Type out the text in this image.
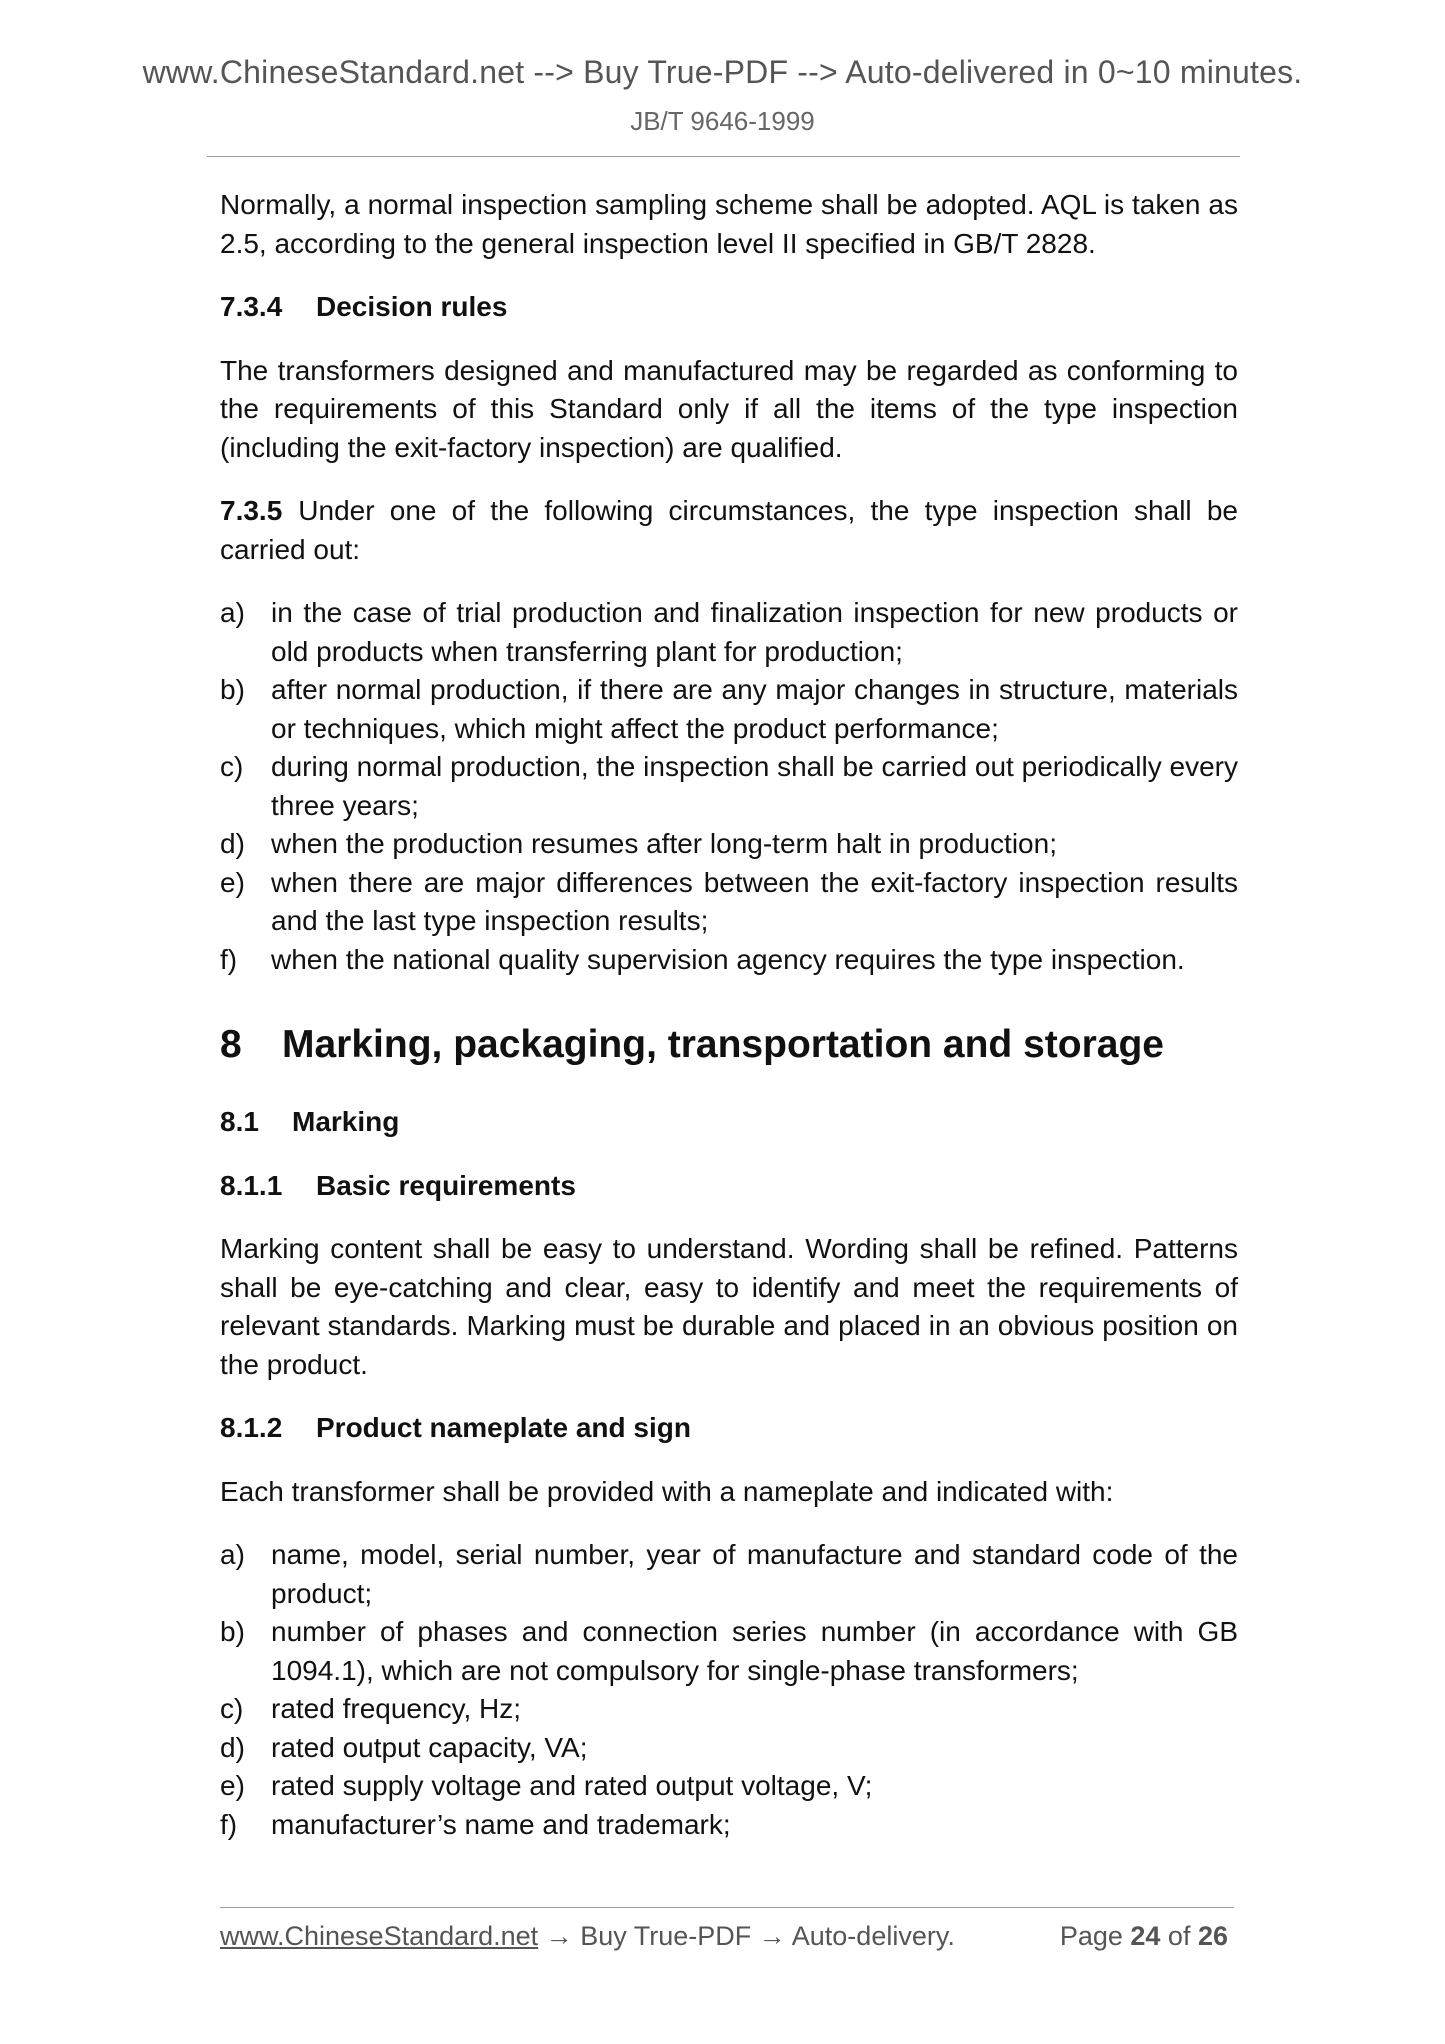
www.ChineseStandard.net --> Buy True-PDF --> Auto-delivered in 0~10 minutes.
JB/T 9646-1999

Normally, a normal inspection sampling scheme shall be adopted. AQL is taken as 2.5, according to the general inspection level II specified in GB/T 2828.

7.3.4 Decision rules

The transformers designed and manufactured may be regarded as conforming to the requirements of this Standard only if all the items of the type inspection (including the exit-factory inspection) are qualified.

7.3.5 Under one of the following circumstances, the type inspection shall be carried out:

a) in the case of trial production and finalization inspection for new products or old products when transferring plant for production;
b) after normal production, if there are any major changes in structure, materials or techniques, which might affect the product performance;
c) during normal production, the inspection shall be carried out periodically every three years;
d) when the production resumes after long-term halt in production;
e) when there are major differences between the exit-factory inspection results and the last type inspection results;
f) when the national quality supervision agency requires the type inspection.
8 Marking, packaging, transportation and storage
8.1 Marking
8.1.1 Basic requirements

Marking content shall be easy to understand. Wording shall be refined. Patterns shall be eye-catching and clear, easy to identify and meet the requirements of relevant standards. Marking must be durable and placed in an obvious position on the product.

8.1.2 Product nameplate and sign

Each transformer shall be provided with a nameplate and indicated with:

a) name, model, serial number, year of manufacture and standard code of the product;
b) number of phases and connection series number (in accordance with GB 1094.1), which are not compulsory for single-phase transformers;
c) rated frequency, Hz;
d) rated output capacity, VA;
e) rated supply voltage and rated output voltage, V;
f) manufacturer’s name and trademark;
www.ChineseStandard.net → Buy True-PDF → Auto-delivery.	Page 24 of 26
